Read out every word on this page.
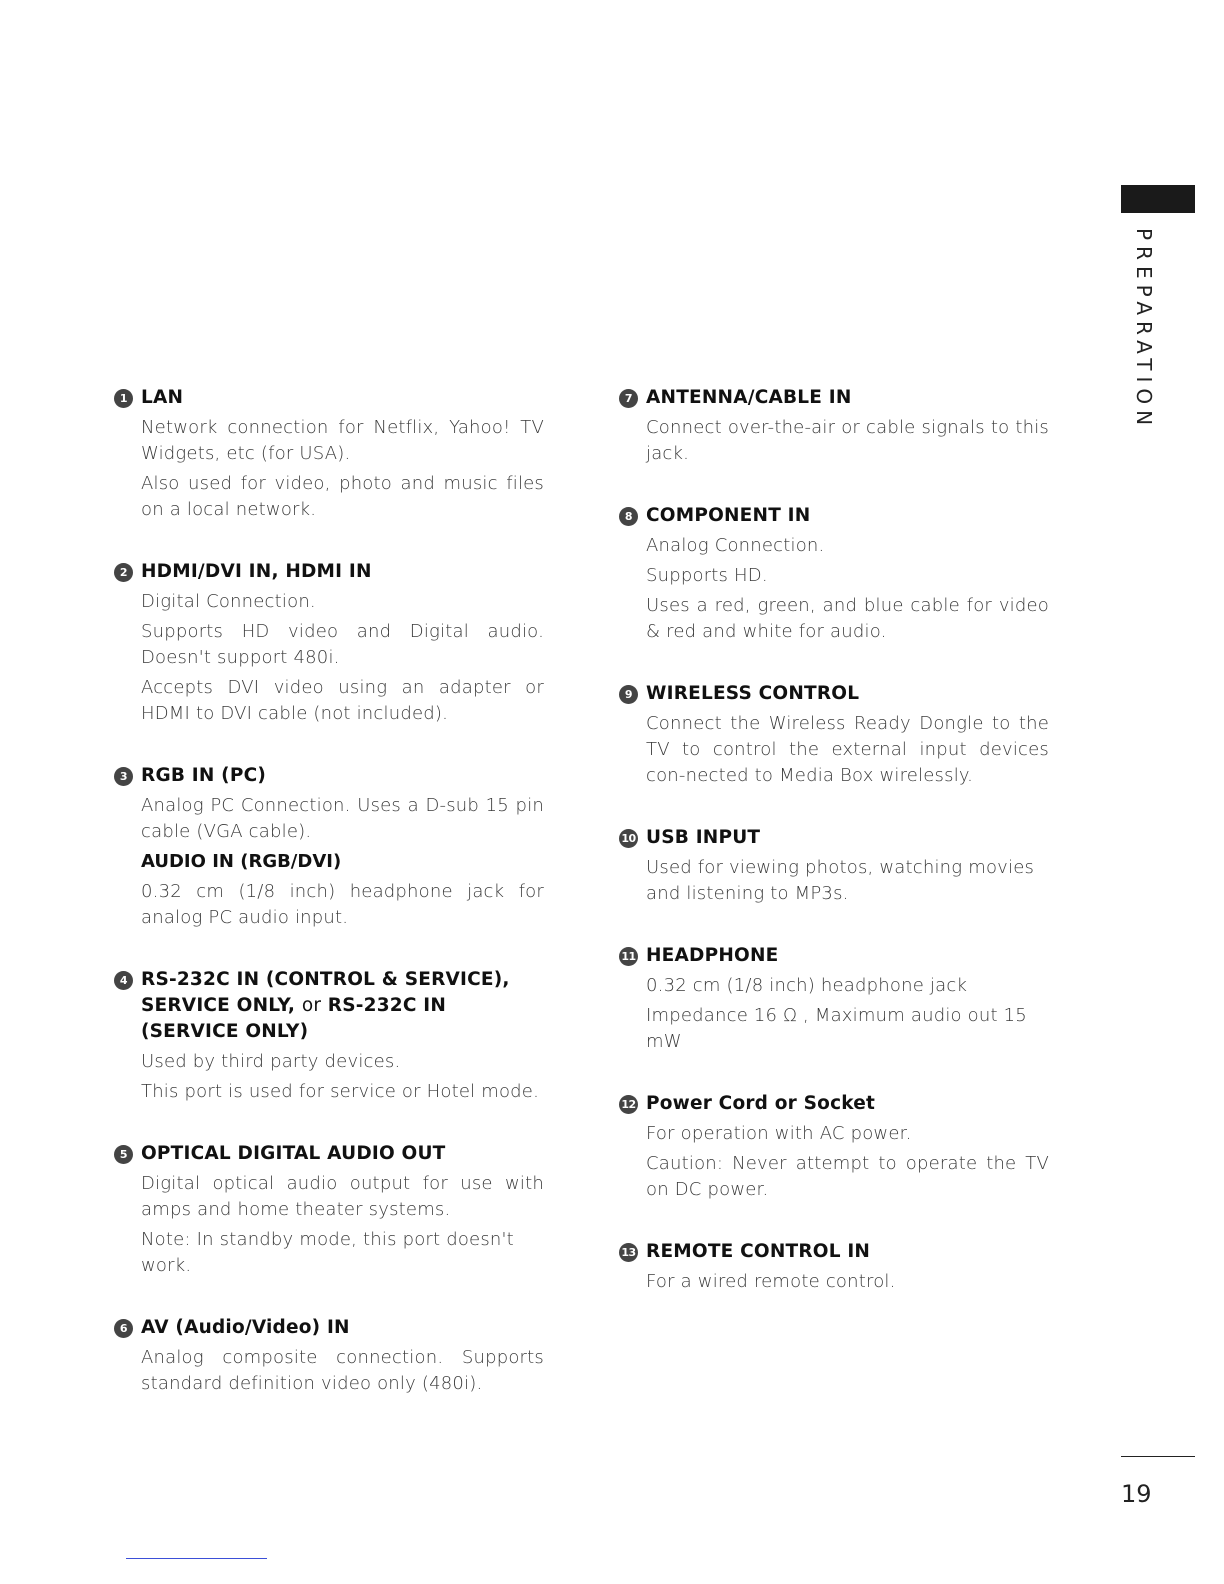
PREPARATION
1 LAN
Network connection for Netflix, Yahoo! TV Widgets, etc (for USA).
Also used for video, photo and music files on a local network.
2 HDMI/DVI IN, HDMI IN
Digital Connection.
Supports HD video and Digital audio. Doesn't support 480i.
Accepts DVI video using an adapter or HDMI to DVI cable (not included).
3 RGB IN (PC)
Analog PC Connection. Uses a D-sub 15 pin cable (VGA cable).
AUDIO IN (RGB/DVI)
0.32 cm (1/8 inch) headphone jack for analog PC audio input.
4 RS-232C IN (CONTROL & SERVICE), SERVICE ONLY, or RS-232C IN (SERVICE ONLY)
Used by third party devices.
This port is used for service or Hotel mode.
5 OPTICAL DIGITAL AUDIO OUT
Digital optical audio output for use with amps and home theater systems.
Note: In standby mode, this port doesn't work.
6 AV (Audio/Video) IN
Analog composite connection. Supports standard definition video only (480i).
7 ANTENNA/CABLE IN
Connect over-the-air or cable signals to this jack.
8 COMPONENT IN
Analog Connection.
Supports HD.
Uses a red, green, and blue cable for video & red and white for audio.
9 WIRELESS CONTROL
Connect the Wireless Ready Dongle to the TV to control the external input devices con-nected to Media Box wirelessly.
10 USB INPUT
Used for viewing photos, watching movies and listening to MP3s.
11 HEADPHONE
0.32 cm (1/8 inch) headphone jack
Impedance 16 Ω , Maximum audio out 15 mW
12 Power Cord or Socket
For operation with AC power.
Caution: Never attempt to operate the TV on DC power.
13 REMOTE CONTROL IN
For a wired remote control.
19
